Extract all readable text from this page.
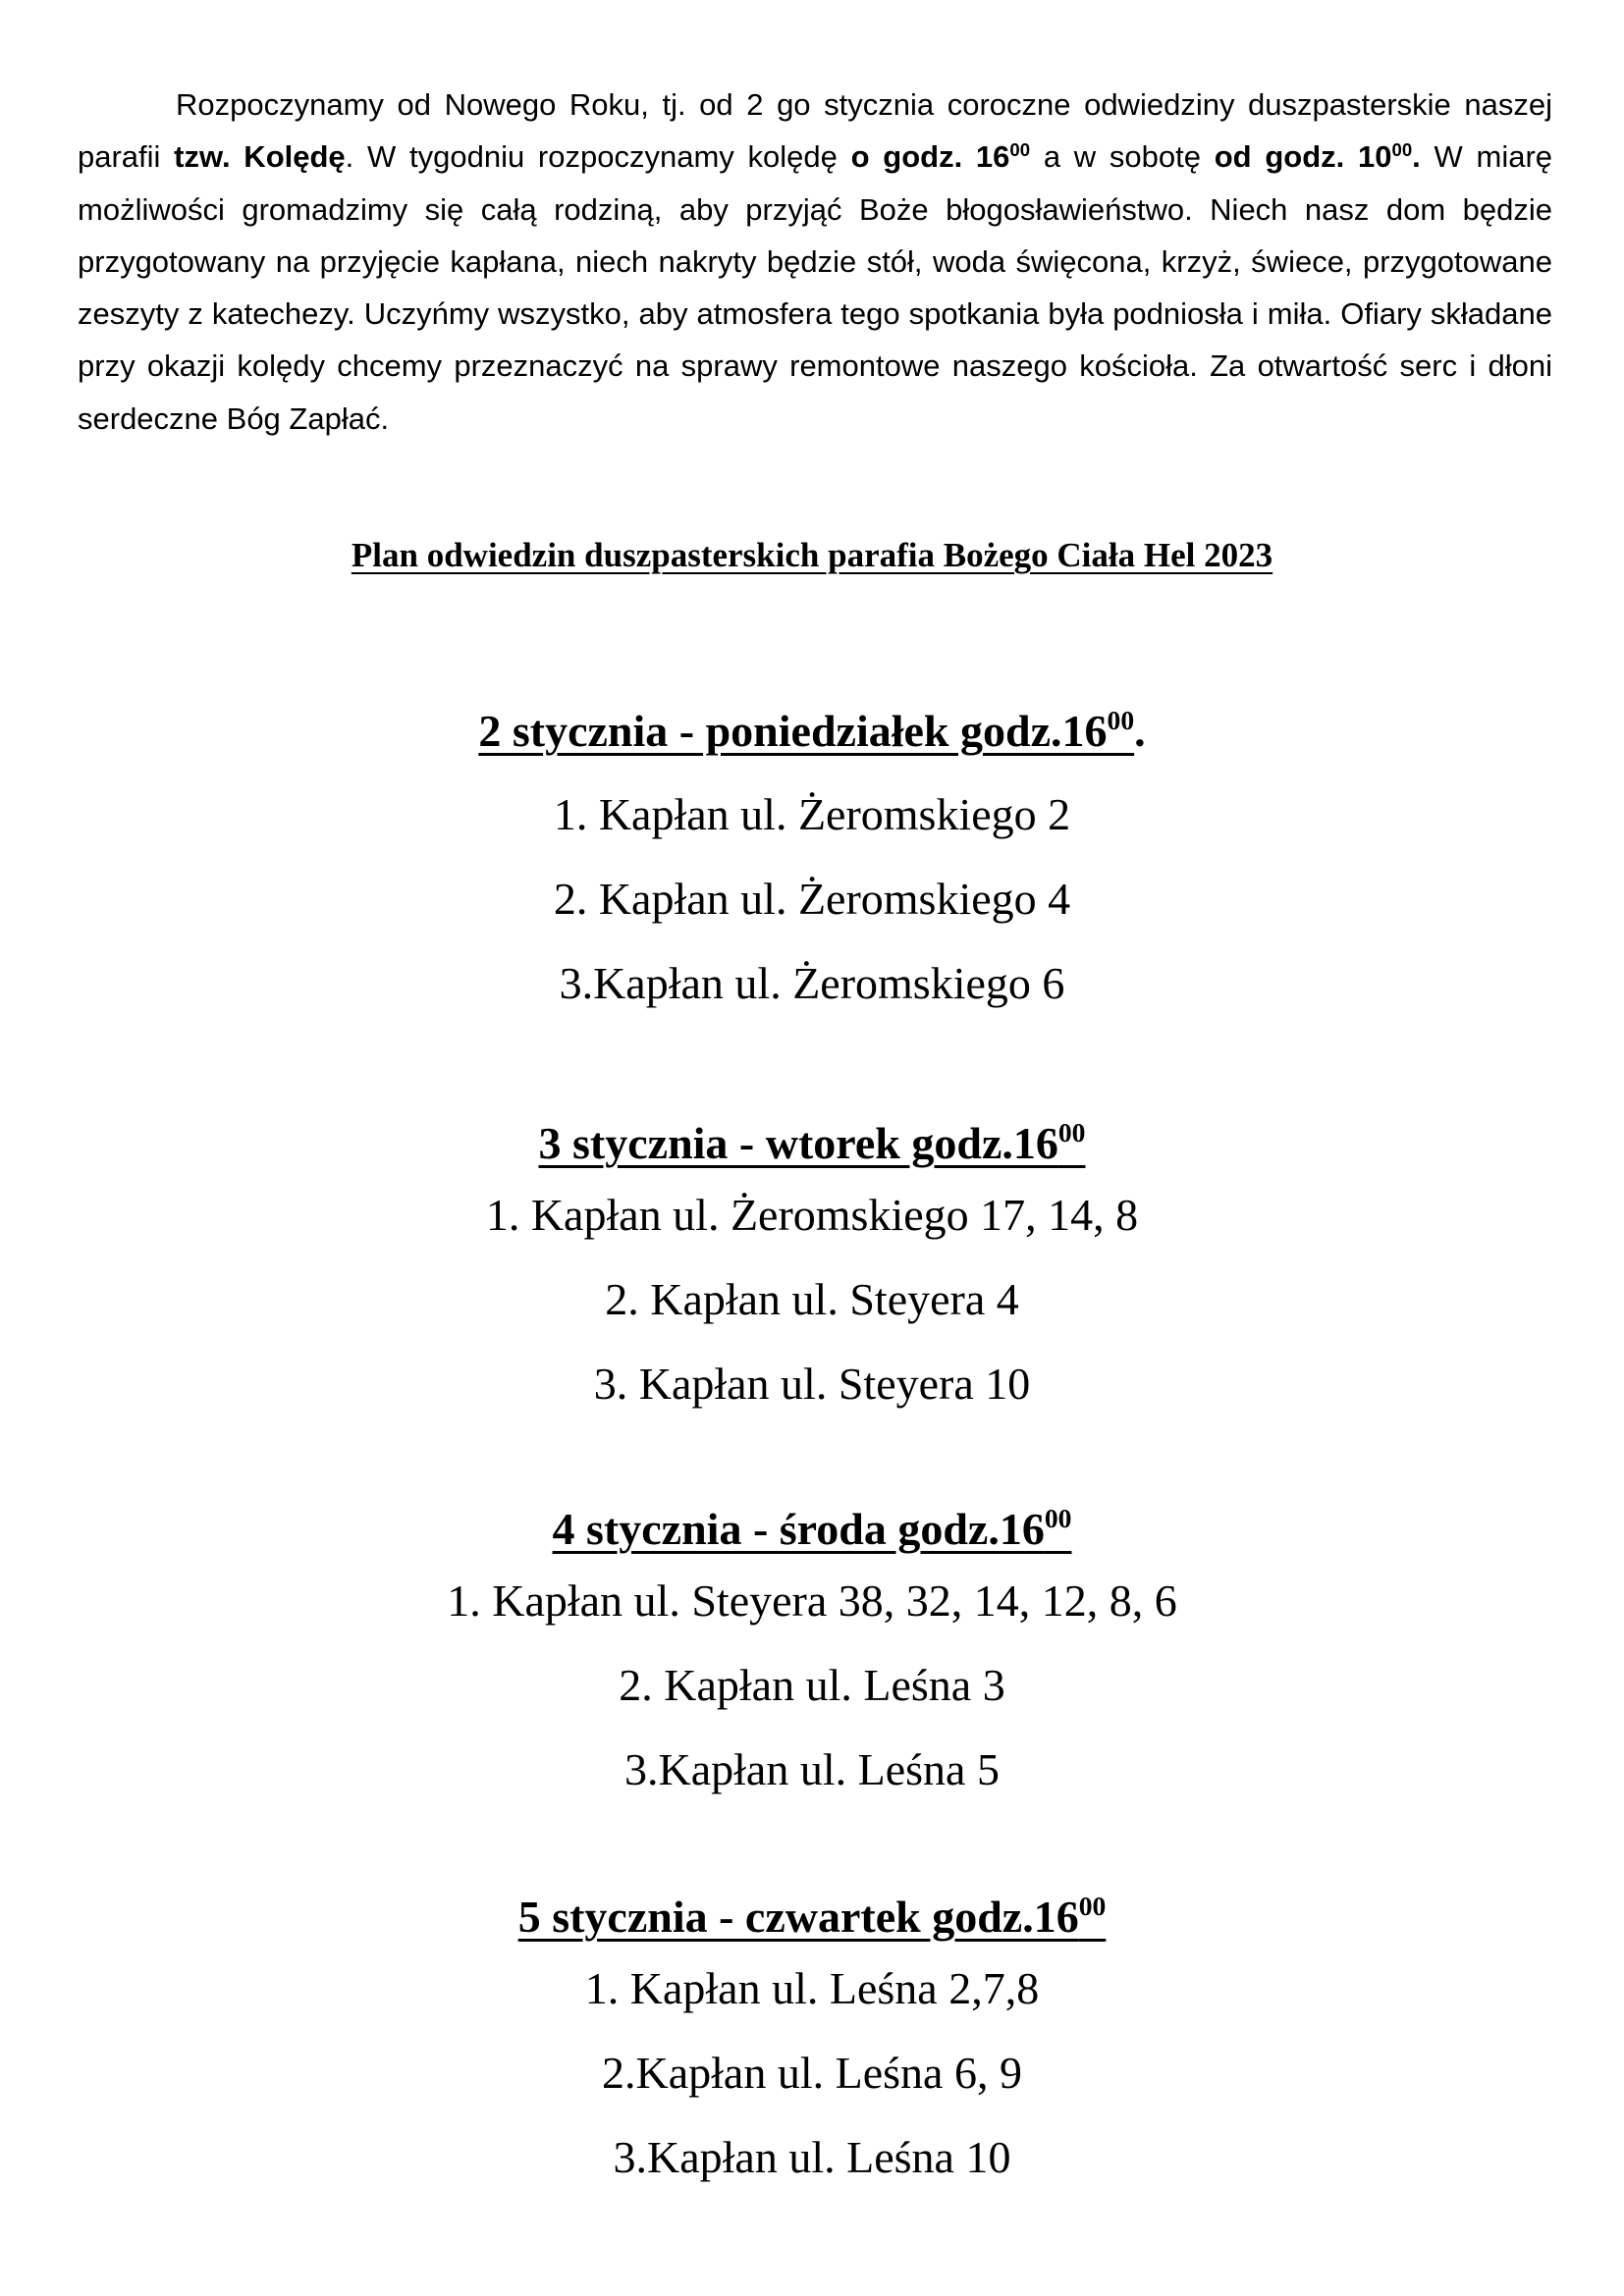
Rozpoczynamy od Nowego Roku, tj. od 2 go stycznia coroczne odwiedziny duszpasterskie naszej parafii tzw. Kolędę. W tygodniu rozpoczynamy kolędę o godz. $16^{00}$ a w sobotę od godz. $10^{00}$. W miarę możliwości gromadzimy się całą rodziną, aby przyjąć Boże błogosławieństwo. Niech nasz dom będzie przygotowany na przyjęcie kapłana, niech nakryty będzie stół, woda święcona, krzyż, świece, przygotowane zeszyty z katechezy. Uczyńmy wszystko, aby atmosfera tego spotkania była podniosła i miła. Ofiary składane przy okazji kolędy chcemy przeznaczyć na sprawy remontowe naszego kościoła. Za otwartość serc i dłoni serdeczne Bóg Zapłać.

Plan odwiedzin duszpasterskich parafia Bożego Ciała Hel 2023

2 stycznia - poniedziałek $godz.16^{00}$.

1. Kapłan ul. Żeromskiego 2
2. Kapłan ul. Żeromskiego 4
3.Kapłan ul. Żeromskiego 6

3 stycznia - wtorek $godz.16^{00}$

1. Kapłan ul. Żeromskiego 17, 14, 8
2. Kapłan ul. Steyera 4
3. Kapłan ul. Steyera 10

4 stycznia - środa $godz.16^{00}$

1. Kapłan ul. Steyera 38, 32, 14, 12, 8, 6
2. Kapłan ul. Leśna 3
3.Kapłan ul. Leśna 5

5 stycznia - czwartek $godz.16^{00}$

1. Kapłan ul. Leśna 2,7,8
2.Kapłan ul. Leśna 6, 9
3.Kapłan ul. Leśna 10
